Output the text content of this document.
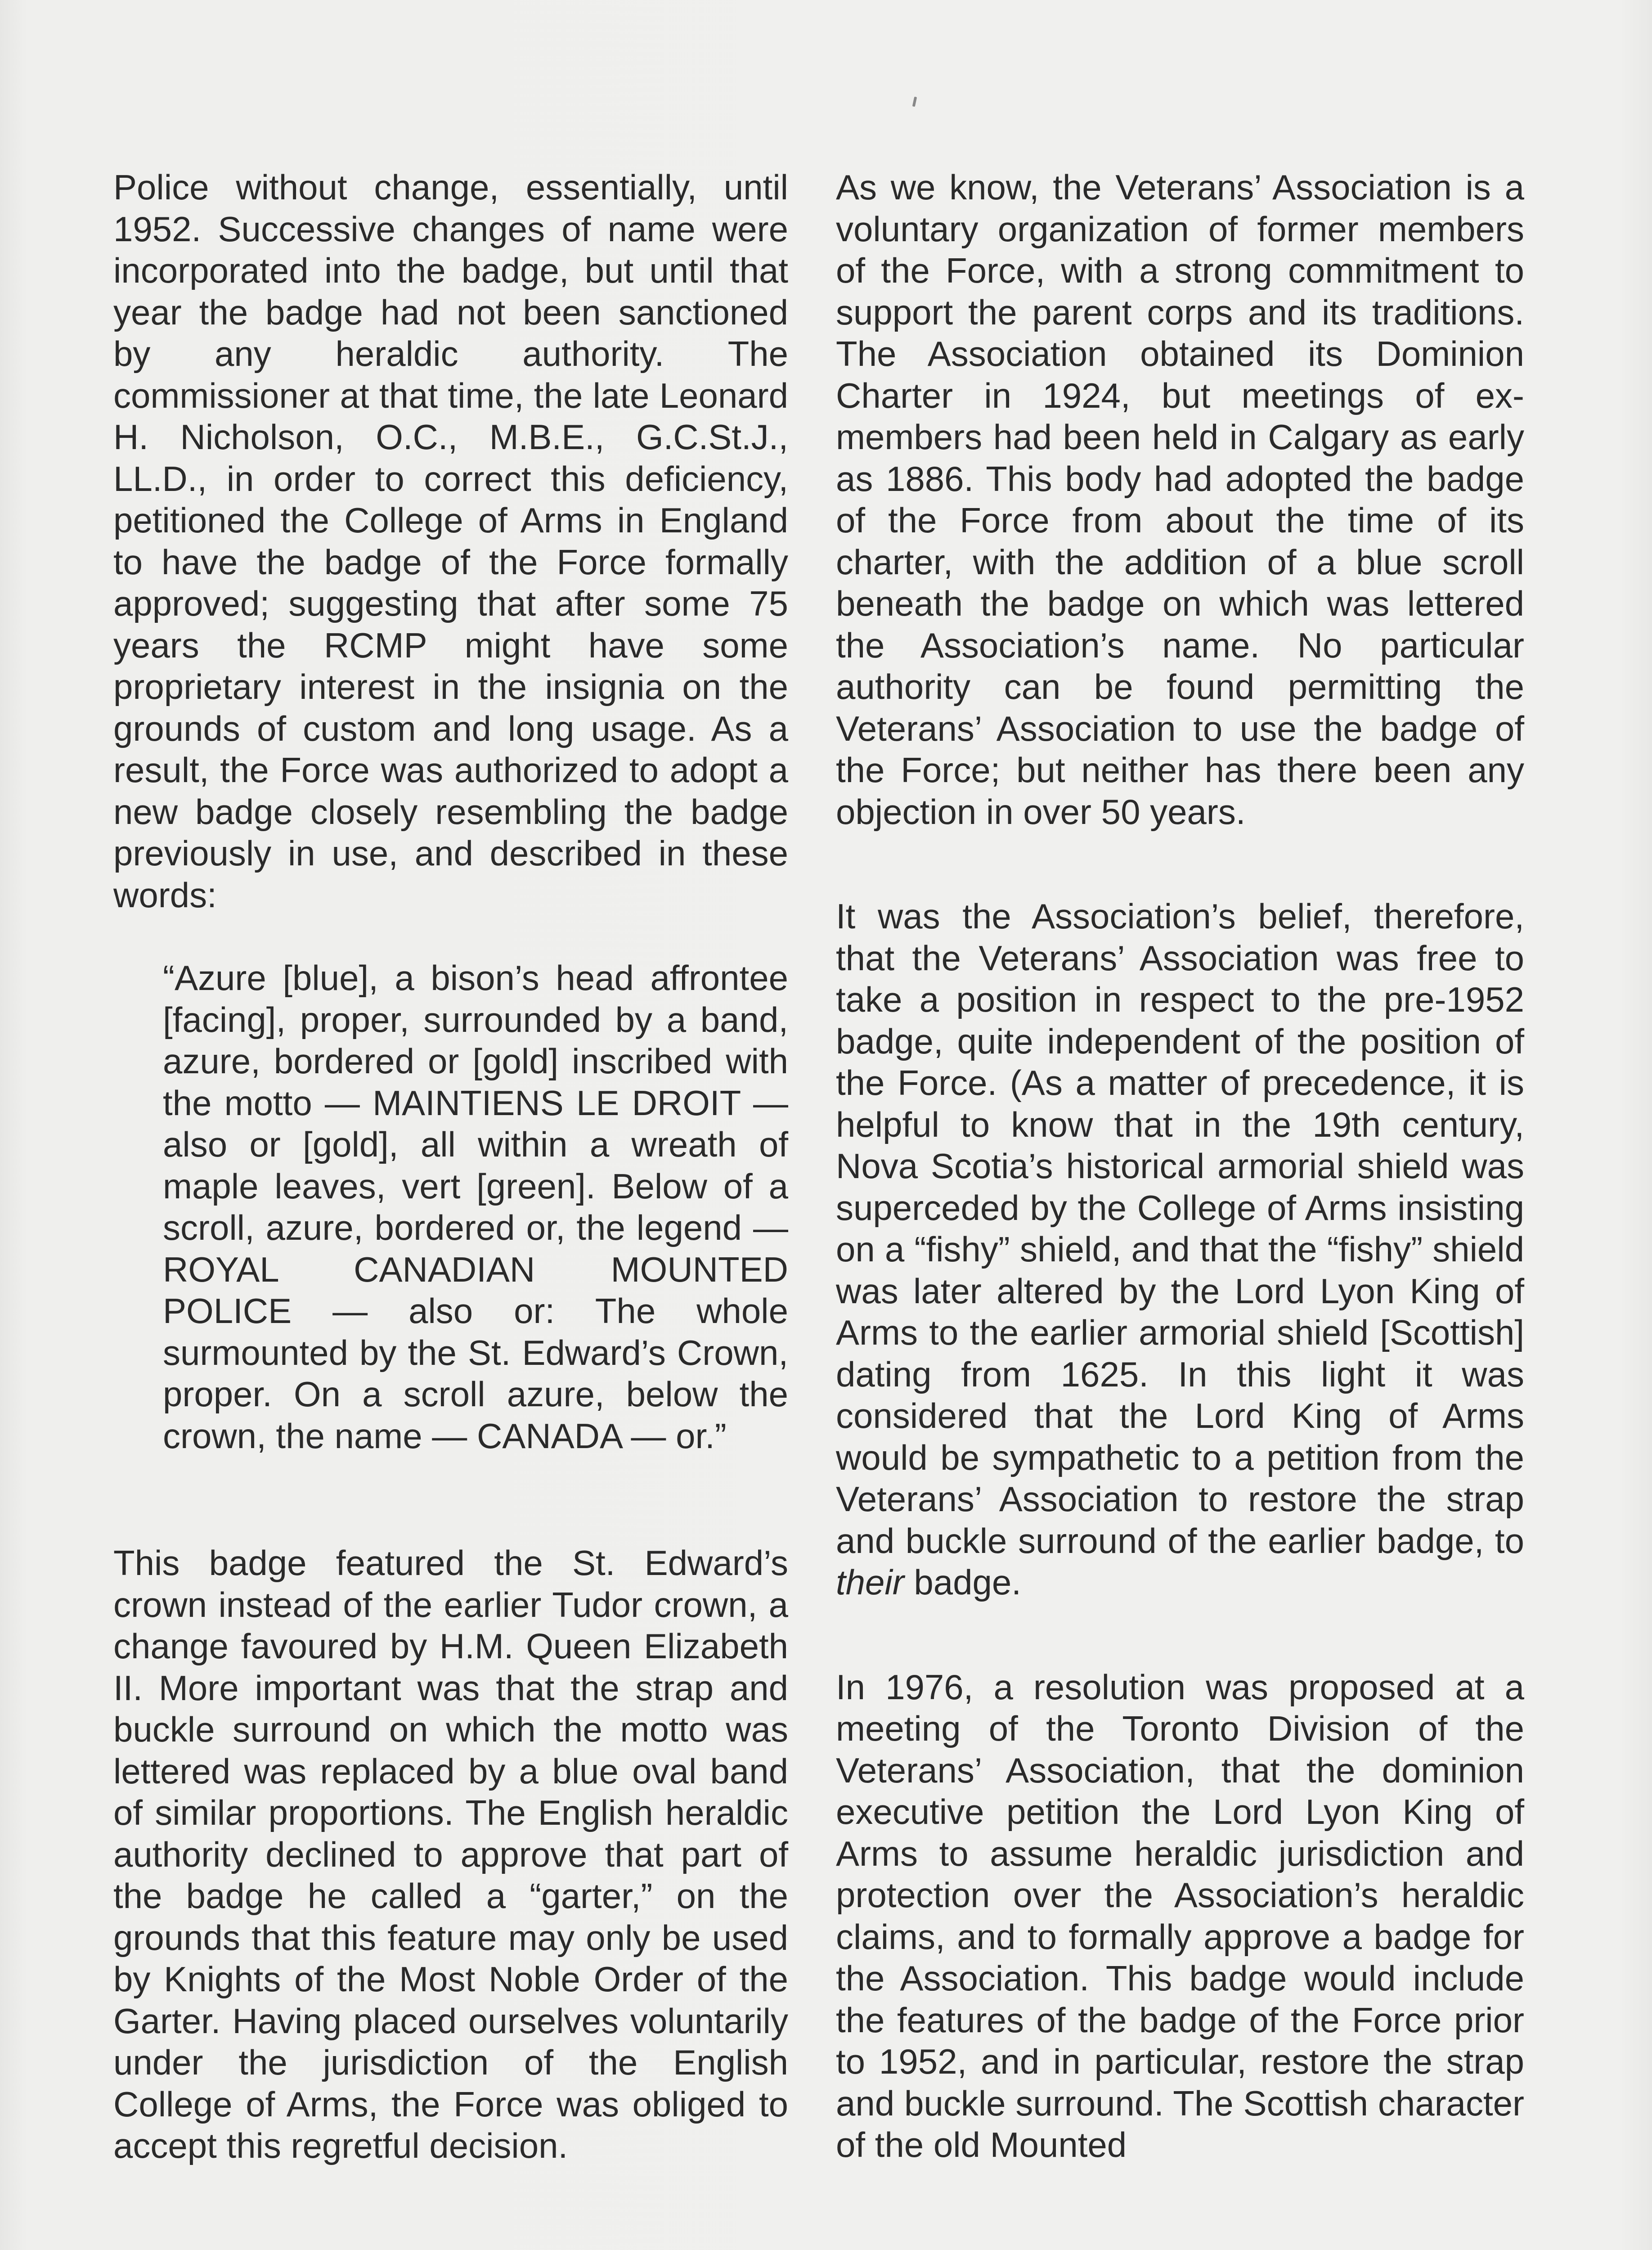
Police without change, essentially, until 1952. Successive changes of name were incorporated into the badge, but until that year the badge had not been sanctioned by any heraldic authority. The commissioner at that time, the late Leonard H. Nicholson, O.C., M.B.E., G.C.St.J., LL.D., in order to correct this deficiency, petitioned the College of Arms in England to have the badge of the Force formally approved; suggesting that after some 75 years the RCMP might have some proprietary interest in the insignia on the grounds of custom and long usage. As a result, the Force was authorized to adopt a new badge closely resembling the badge previously in use, and described in these words:

“Azure [blue], a bison’s head affrontee [facing], proper, surrounded by a band, azure, bordered or [gold] inscribed with the motto — MAINTIENS LE DROIT — also or [gold], all within a wreath of maple leaves, vert [green]. Below of a scroll, azure, bordered or, the legend — ROYAL CANADIAN MOUNTED POLICE — also or: The whole surmounted by the St. Edward’s Crown, proper. On a scroll azure, below the crown, the name — CANADA — or.”

This badge featured the St. Edward’s crown instead of the earlier Tudor crown, a change favoured by H.M. Queen Elizabeth II. More important was that the strap and buckle surround on which the motto was lettered was replaced by a blue oval band of similar proportions. The English heraldic authority declined to approve that part of the badge he called a “garter,” on the grounds that this feature may only be used by Knights of the Most Noble Order of the Garter. Having placed ourselves voluntarily under the jurisdiction of the English College of Arms, the Force was obliged to accept this regretful decision.

As we know, the Veterans’ Association is a voluntary organization of former members of the Force, with a strong commitment to support the parent corps and its traditions. The Association obtained its Dominion Charter in 1924, but meetings of ex-members had been held in Calgary as early as 1886. This body had adopted the badge of the Force from about the time of its charter, with the addition of a blue scroll beneath the badge on which was lettered the Association’s name. No particular authority can be found permitting the Veterans’ Association to use the badge of the Force; but neither has there been any objection in over 50 years.

It was the Association’s belief, therefore, that the Veterans’ Association was free to take a position in respect to the pre-1952 badge, quite independent of the position of the Force. (As a matter of precedence, it is helpful to know that in the 19th century, Nova Scotia’s historical armorial shield was superceded by the College of Arms insisting on a “fishy” shield, and that the “fishy” shield was later altered by the Lord Lyon King of Arms to the earlier armorial shield [Scottish] dating from 1625. In this light it was considered that the Lord King of Arms would be sympathetic to a petition from the Veterans’ Association to restore the strap and buckle surround of the earlier badge, to their badge.

In 1976, a resolution was proposed at a meeting of the Toronto Division of the Veterans’ Association, that the dominion executive petition the Lord Lyon King of Arms to assume heraldic jurisdiction and protection over the Association’s heraldic claims, and to formally approve a badge for the Association. This badge would include the features of the badge of the Force prior to 1952, and in particular, restore the strap and buckle surround. The Scottish character of the old Mounted
